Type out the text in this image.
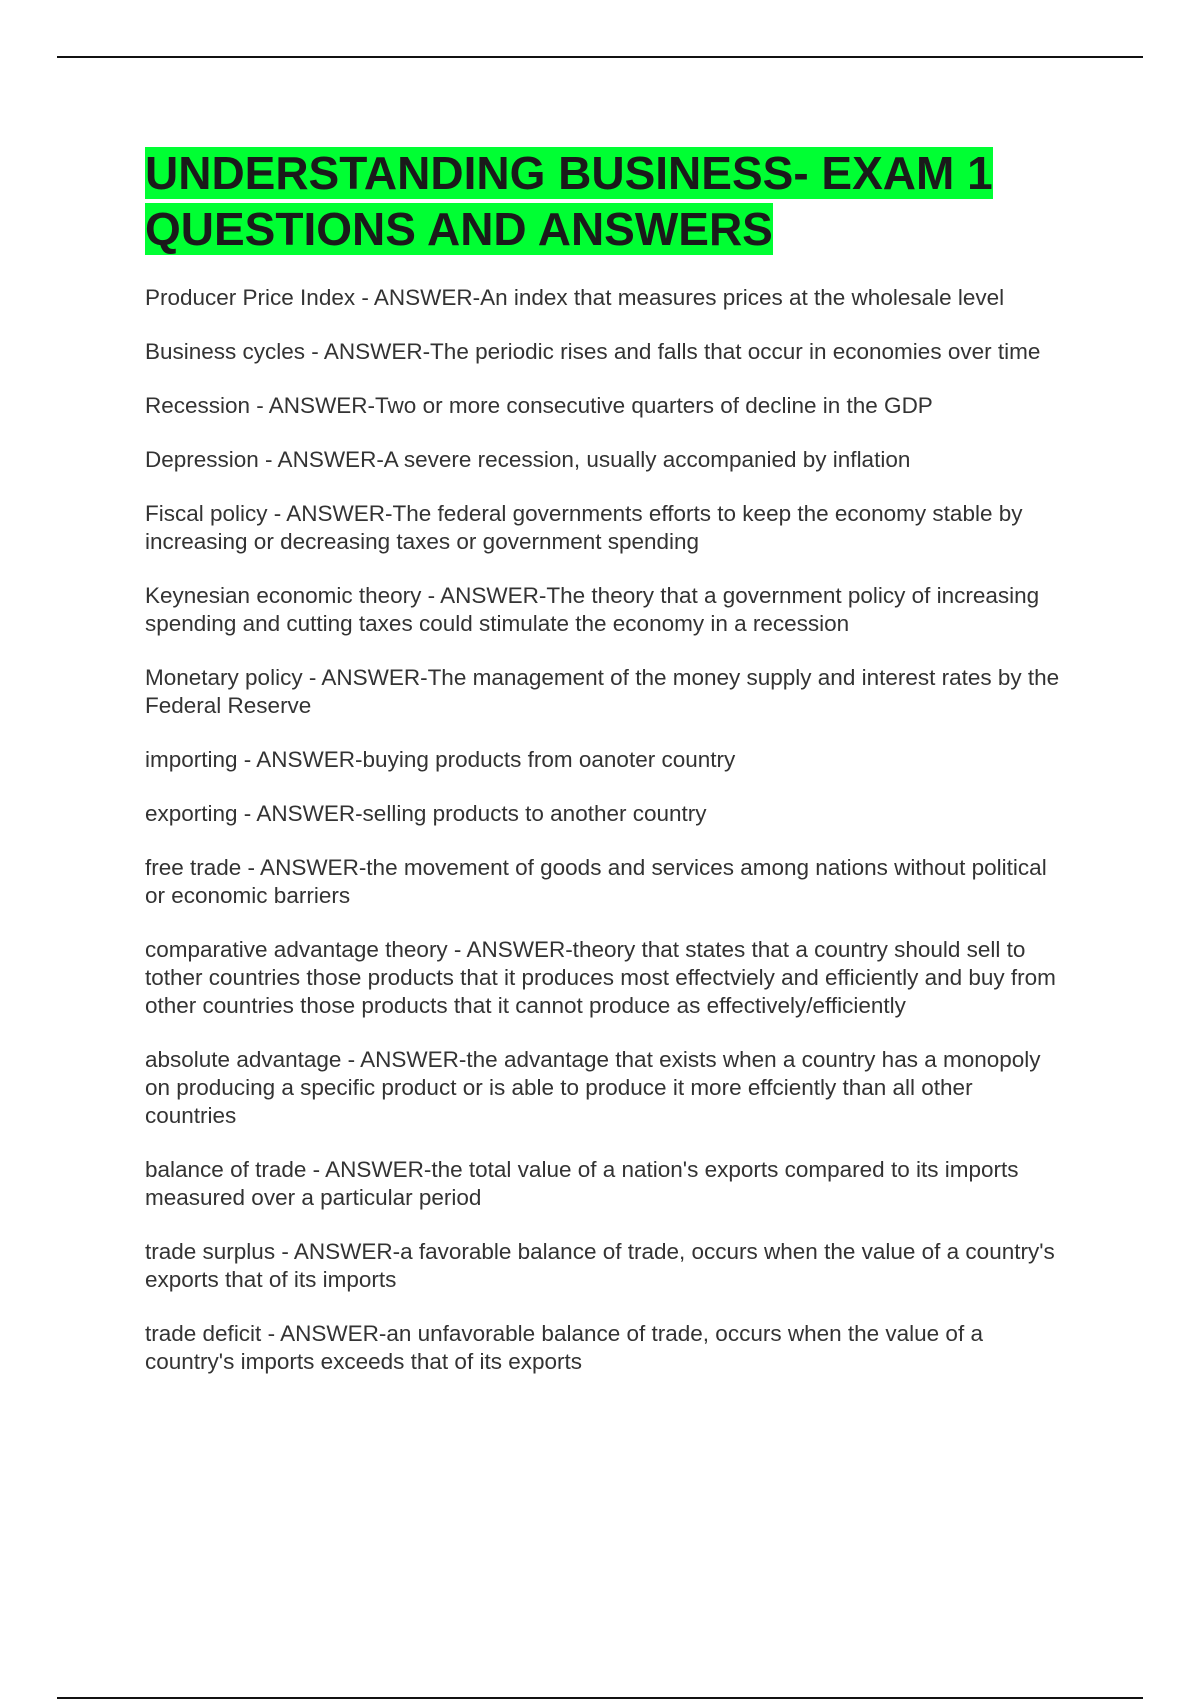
UNDERSTANDING BUSINESS- EXAM 1 QUESTIONS AND ANSWERS

Producer Price Index - ANSWER-An index that measures prices at the wholesale level

Business cycles - ANSWER-The periodic rises and falls that occur in economies over time

Recession - ANSWER-Two or more consecutive quarters of decline in the GDP

Depression - ANSWER-A severe recession, usually accompanied by inflation

Fiscal policy - ANSWER-The federal governments efforts to keep the economy stable by increasing or decreasing taxes or government spending

Keynesian economic theory - ANSWER-The theory that a government policy of increasing spending and cutting taxes could stimulate the economy in a recession

Monetary policy - ANSWER-The management of the money supply and interest rates by the Federal Reserve

importing - ANSWER-buying products from oanoter country

exporting - ANSWER-selling products to another country

free trade - ANSWER-the movement of goods and services among nations without political or economic barriers

comparative advantage theory - ANSWER-theory that states that a country should sell to tother countries those products that it produces most effectviely and efficiently and buy from other countries those products that it cannot produce as effectively/efficiently

absolute advantage - ANSWER-the advantage that exists when a country has a monopoly on producing a specific product or is able to produce it more effciently than all other countries

balance of trade - ANSWER-the total value of a nation's exports compared to its imports measured over a particular period

trade surplus - ANSWER-a favorable balance of trade, occurs when the value of a country's exports that of its imports

trade deficit - ANSWER-an unfavorable balance of trade, occurs when the value of a country's imports exceeds that of its exports
